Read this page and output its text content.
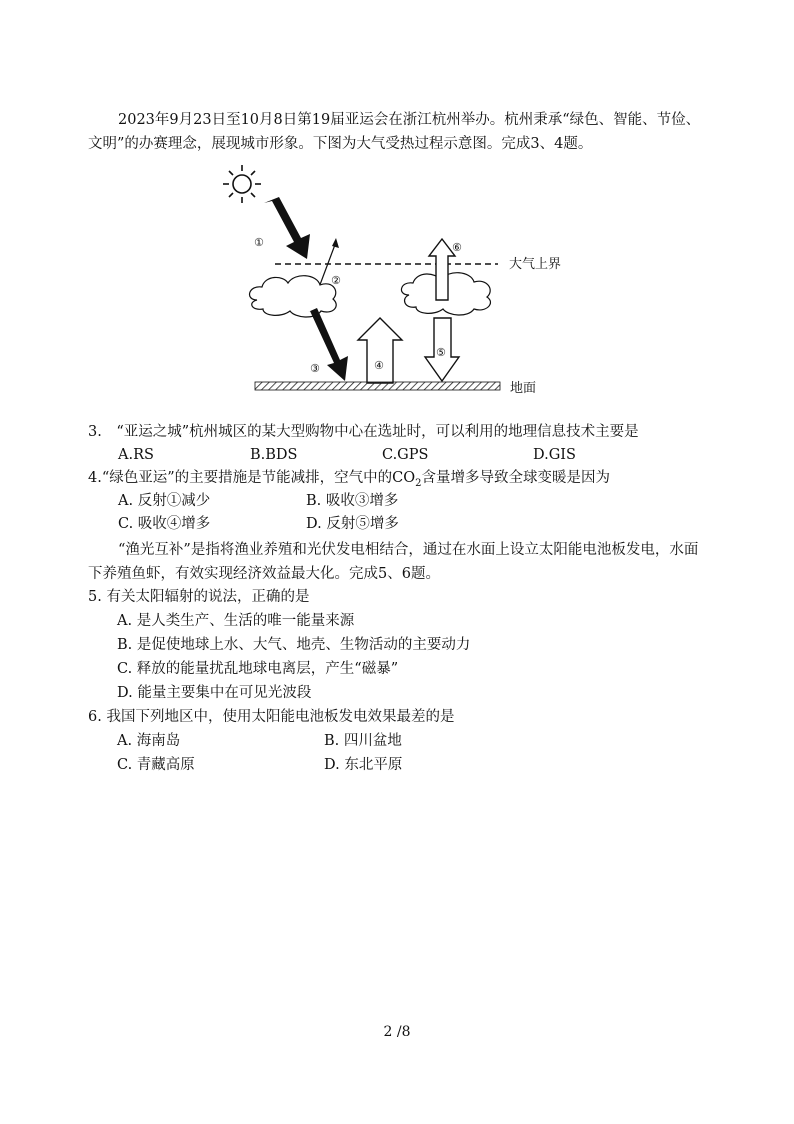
2023年9月23日至10月8日第19届亚运会在浙江杭州举办。杭州秉承“绿色、智能、节俭、文明”的办赛理念，展现城市形象。下图为大气受热过程示意图。完成3、4题。
大气上界
①
②
③	④
⑤
⑥
地面
3.　“亚运之城”杭州城区的某大型购物中心在选址时，可以利用的地理信息技术主要是
A.RS	B.BDS	C.GPS	D.GIS
4.“绿色亚运”的主要措施是节能减排，空气中的$CO_2$含量增多导致全球变暖是因为
A. 反射①减少	B. 吸收③增多
C. 吸收④增多	D. 反射⑤增多
“渔光互补”是指将渔业养殖和光伏发电相结合，通过在水面上设立太阳能电池板发电，水面下养殖鱼虾，有效实现经济效益最大化。完成5、6题。
5. 有关太阳辐射的说法，正确的是
A. 是人类生产、生活的唯一能量来源
B. 是促使地球上水、大气、地壳、生物活动的主要动力
C. 释放的能量扰乱地球电离层，产生“磁暴”
D. 能量主要集中在可见光波段
6. 我国下列地区中，使用太阳能电池板发电效果最差的是
A. 海南岛	B. 四川盆地
C. 青藏高原	D. 东北平原
2 /8
